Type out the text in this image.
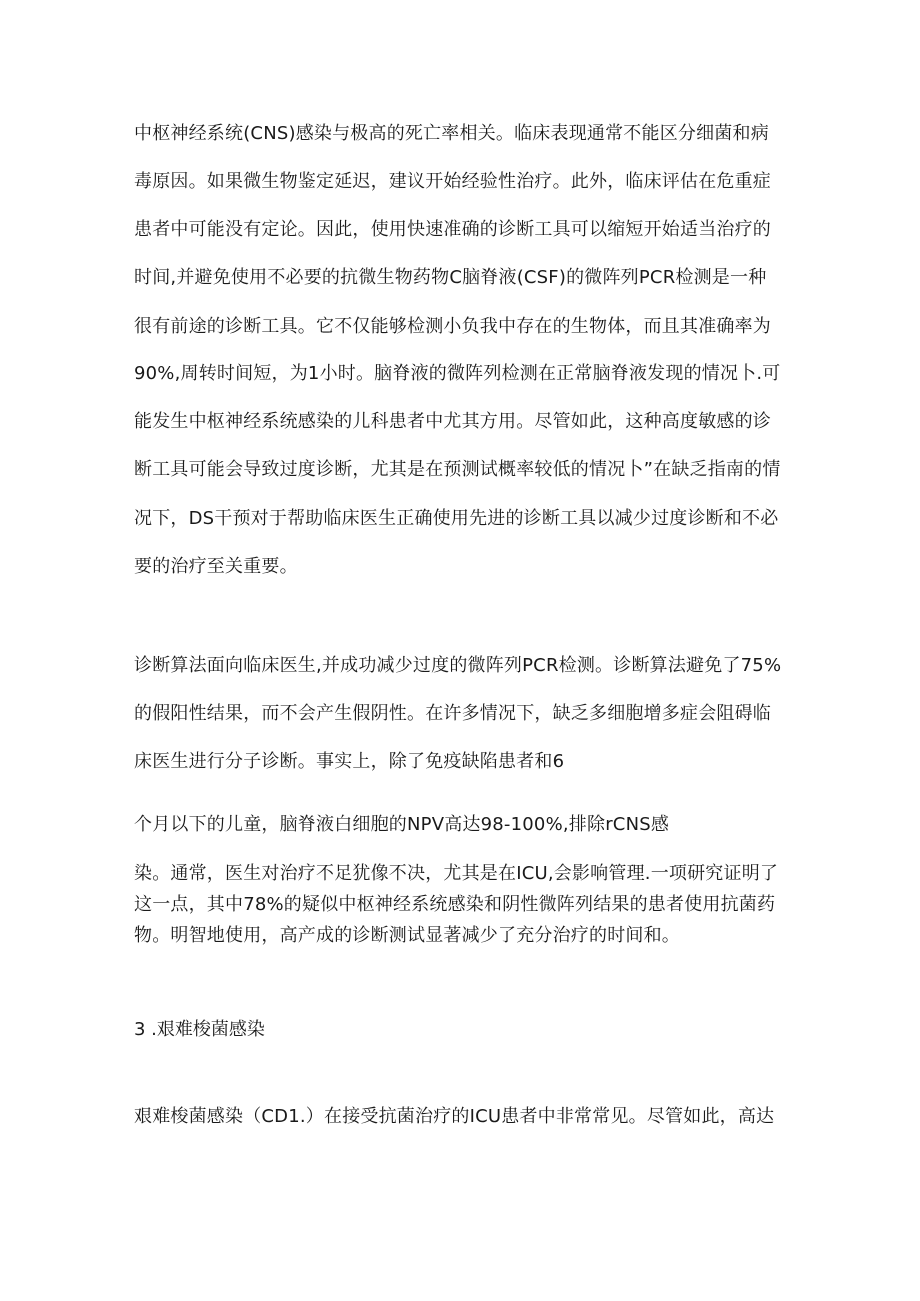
中枢神经系统(CNS)感染与极高的死亡率相关。临床表现通常不能区分细菌和病
毒原因。如果微生物鉴定延迟，建议开始经验性治疗。此外，临床评估在危重症
患者中可能没有定论。因此，使用快速准确的诊断工具可以缩短开始适当治疗的
时间,并避免使用不必要的抗微生物药物C脑脊液(CSF)的微阵列PCR检测是一种
很有前途的诊断工具。它不仅能够检测小负我中存在的生物体，而且其准确率为
90%,周转时间短，为1小时。脑脊液的微阵列检测在正常脑脊液发现的情况卜.可
能发生中枢神经系统感染的儿科患者中尤其方用。尽管如此，这种高度敏感的诊
断工具可能会导致过度诊断，尤其是在预测试概率较低的情况卜”在缺乏指南的情
况下，DS干预对于帮助临床医生正确使用先进的诊断工具以减少过度诊断和不必
要的治疗至关重要。
诊断算法面向临床医生,并成功减少过度的微阵列PCR检测。诊断算法避免了75%
的假阳性结果，而不会产生假阴性。在许多情况下，缺乏多细胞增多症会阻碍临
床医生进行分子诊断。事实上，除了免疫缺陷患者和6
个月以下的儿童，脑脊液白细胞的NPV高达98-100%,排除rCNS感
染。通常，医生对治疗不足犹像不决，尤其是在ICU,会影响管理.一项研究证明了
这一点，其中78%的疑似中枢神经系统感染和阴性微阵列结果的患者使用抗菌药
物。明智地使用，高产成的诊断测试显著减少了充分治疗的时间和。
3 .艰难梭菌感染
艰难梭菌感染（CD1.）在接受抗菌治疗的ICU患者中非常常见。尽管如此，高达
